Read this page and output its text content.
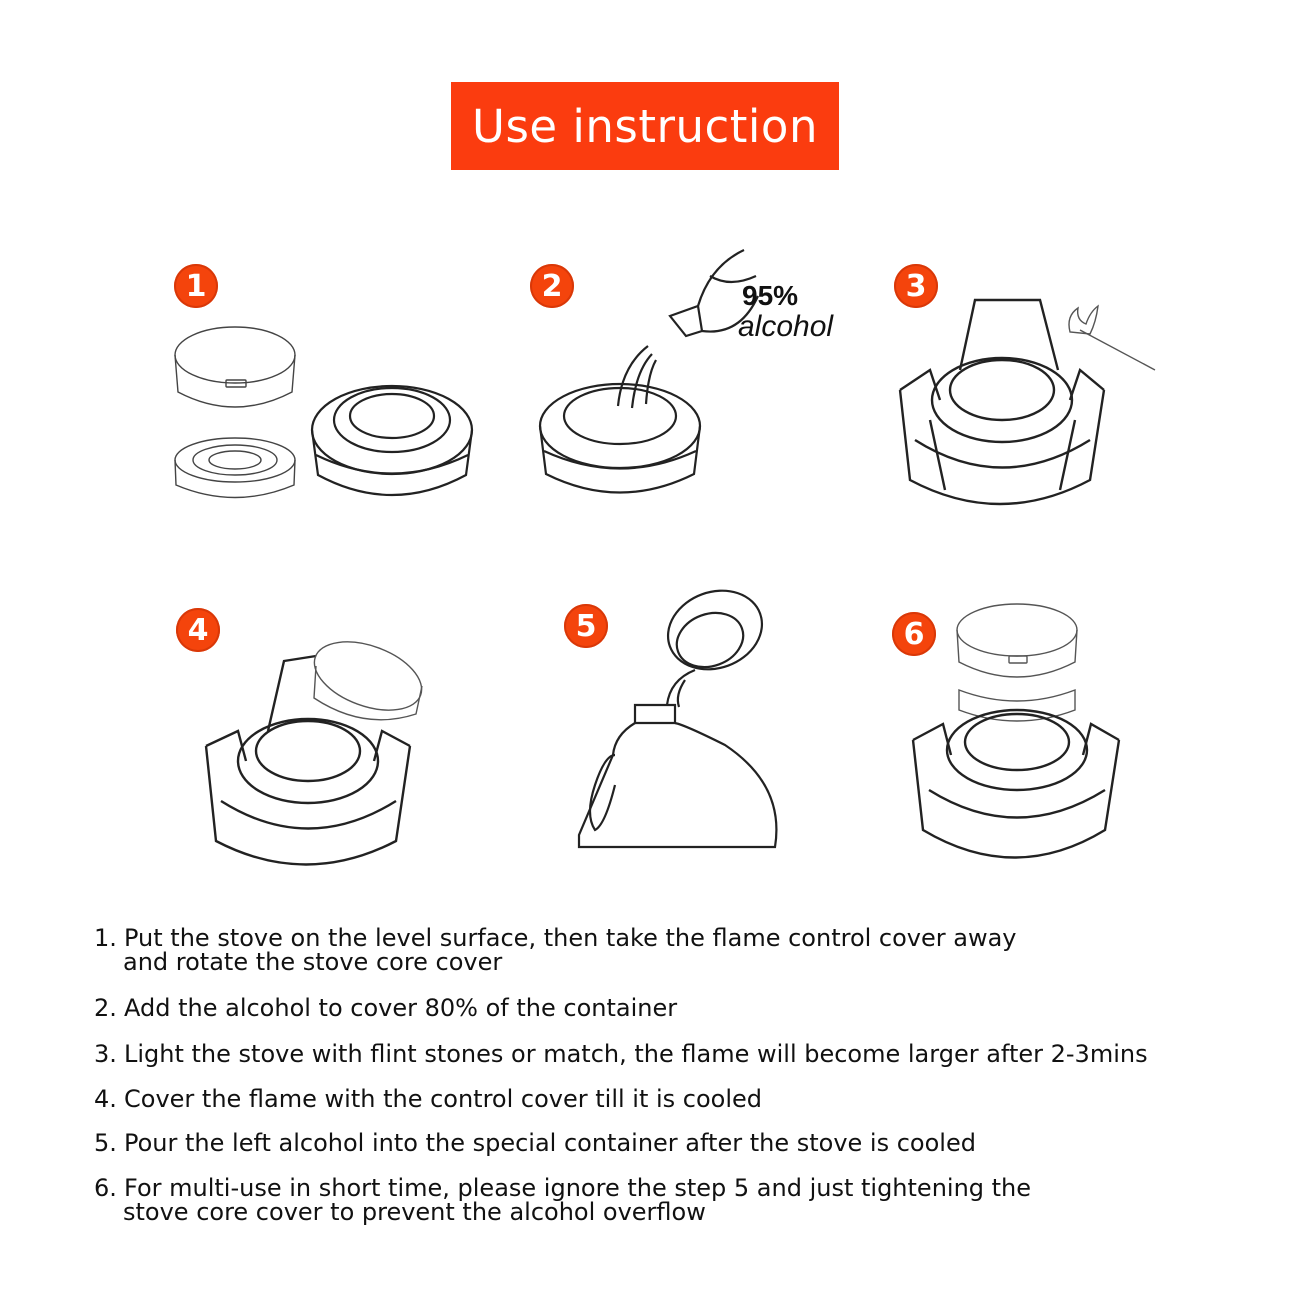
Use instruction
1	2	3
4	5	6
95%
alcohol
1. Put the stove on the level surface, then take the flame control cover away
and rotate the stove core cover
2. Add the alcohol to cover 80% of the container
3. Light the stove with flint stones or match, the flame will become larger after 2-3mins
4. Cover the flame with the control cover till it is cooled
5. Pour the left alcohol into the special container after the stove is cooled
6. For multi-use in short time, please ignore the step 5 and just tightening the
stove core cover to prevent the alcohol overflow
